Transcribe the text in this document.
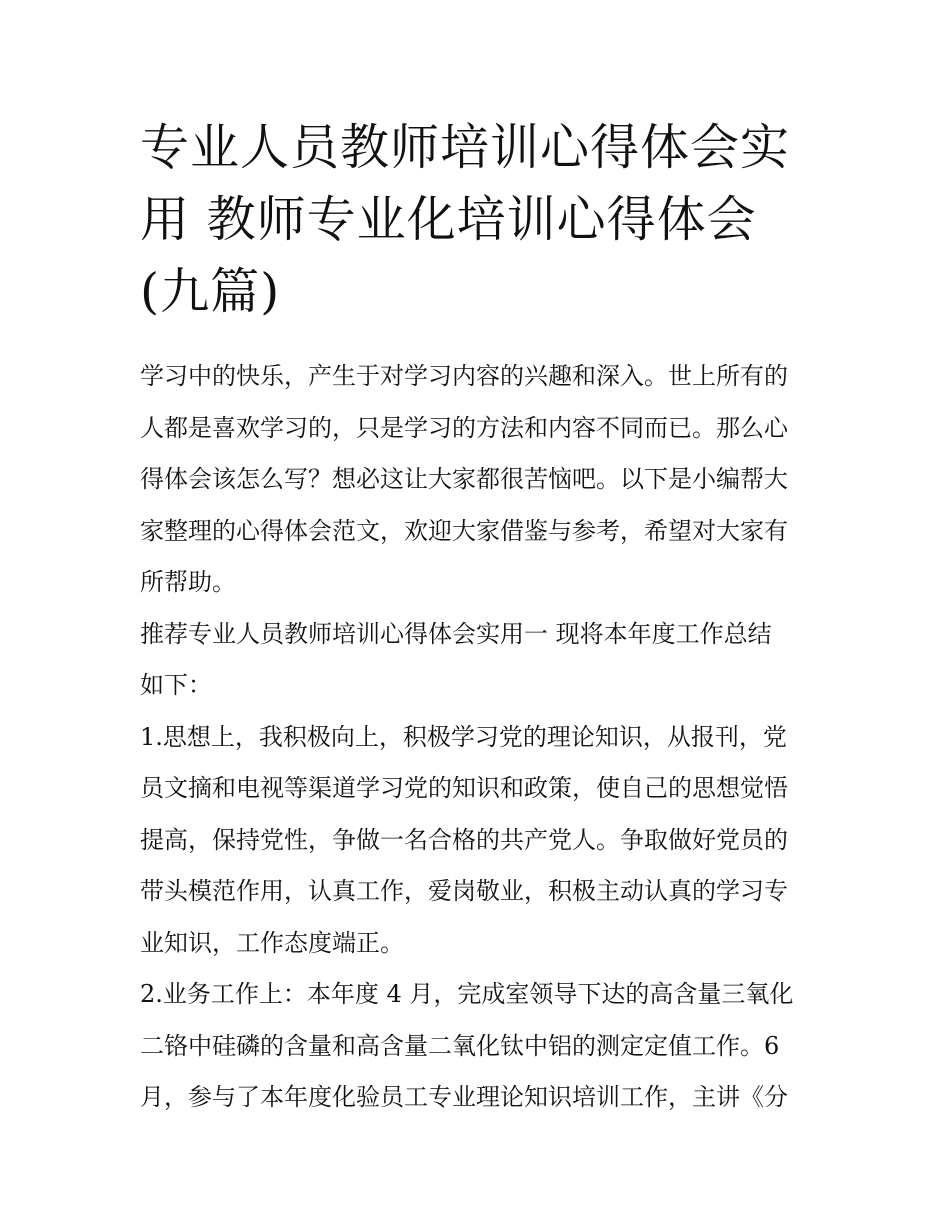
专业人员教师培训心得体会实
用 教师专业化培训心得体会
(九篇)
学习中的快乐，产生于对学习内容的兴趣和深入。世上所有的
人都是喜欢学习的，只是学习的方法和内容不同而已。那么心
得体会该怎么写？想必这让大家都很苦恼吧。以下是小编帮大
家整理的心得体会范文，欢迎大家借鉴与参考，希望对大家有
所帮助。
推荐专业人员教师培训心得体会实用一 现将本年度工作总结
如下：
1.思想上，我积极向上，积极学习党的理论知识，从报刊，党
员文摘和电视等渠道学习党的知识和政策，使自己的思想觉悟
提高，保持党性，争做一名合格的共产党人。争取做好党员的
带头模范作用，认真工作，爱岗敬业，积极主动认真的学习专
业知识，工作态度端正。
2.业务工作上：本年度 4 月，完成室领导下达的高含量三氧化
二铬中硅磷的含量和高含量二氧化钛中铝的测定定值工作。6
月，参与了本年度化验员工专业理论知识培训工作，主讲《分
